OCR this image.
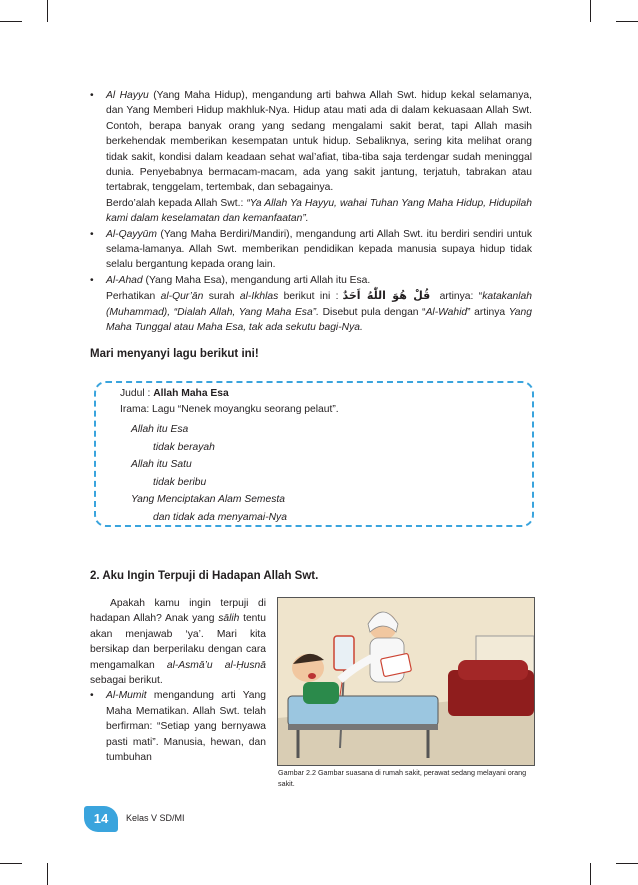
• Al Hayyu (Yang Maha Hidup), mengandung arti bahwa Allah Swt. hidup kekal selamanya, dan Yang Memberi Hidup makhluk-Nya. Hidup atau mati ada di dalam kekuasaan Allah Swt. Contoh, berapa banyak orang yang sedang mengalami sakit berat, tapi Allah masih berkehendak memberikan kesempatan untuk hidup. Sebaliknya, sering kita melihat orang tidak sakit, kondisi dalam keadaan sehat wal’afiat, tiba-tiba saja terdengar sudah meninggal dunia. Penyebabnya bermacam-macam, ada yang sakit jantung, terjatuh, tabrakan atau tertabrak, tenggelam, tertembak, dan sebagainya.

Berdo’alah kepada Allah Swt.: “Ya Allah Ya Hayyu, wahai Tuhan Yang Maha Hidup, Hidupilah kami dalam keselamatan dan kemanfaatan”.

• Al-Qayyūm (Yang Maha Berdiri/Mandiri), mengandung arti Allah Swt. itu berdiri sendiri untuk selama-lamanya. Allah Swt. memberikan pendidikan kepada manusia supaya hidup tidak selalu bergantung kepada orang lain.

• Al-Ahad (Yang Maha Esa), mengandung arti Allah itu Esa.

Perhatikan al-Qur’ān surah al-Ikhlas berikut ini : قُلْ هُوَ اللّٰهُ اَحَدٌ artinya: “katakanlah (Muhammad), “Dialah Allah, Yang Maha Esa”. Disebut pula dengan “Al-Wahid” artinya Yang Maha Tunggal atau Maha Esa, tak ada sekutu bagi-Nya.

Mari menyanyi lagu berikut ini!
Judul : Allah Maha Esa
Irama: Lagu “Nenek moyangku seorang pelaut”.
Allah itu Esa
tidak berayah
Allah itu Satu
tidak beribu
Yang Menciptakan Alam Semesta
dan tidak ada menyamai-Nya
2. Aku Ingin Terpuji di Hadapan Allah Swt.

Apakah kamu ingin terpuji di hadapan Allah? Anak yang sālih tentu akan menjawab ‘ya’. Mari kita bersikap dan berperilaku dengan cara mengamalkan al-Asmā’u al-Ḥusnā sebagai berikut.

• Al-Mumit mengandung arti Yang Maha Mematikan. Allah Swt. telah berfirman: “Setiap yang bernyawa pasti mati”. Manusia, hewan, dan tumbuhan

Gambar 2.2 Gambar suasana di rumah sakit, perawat sedang melayani orang sakit.
14	Kelas V SD/MI
